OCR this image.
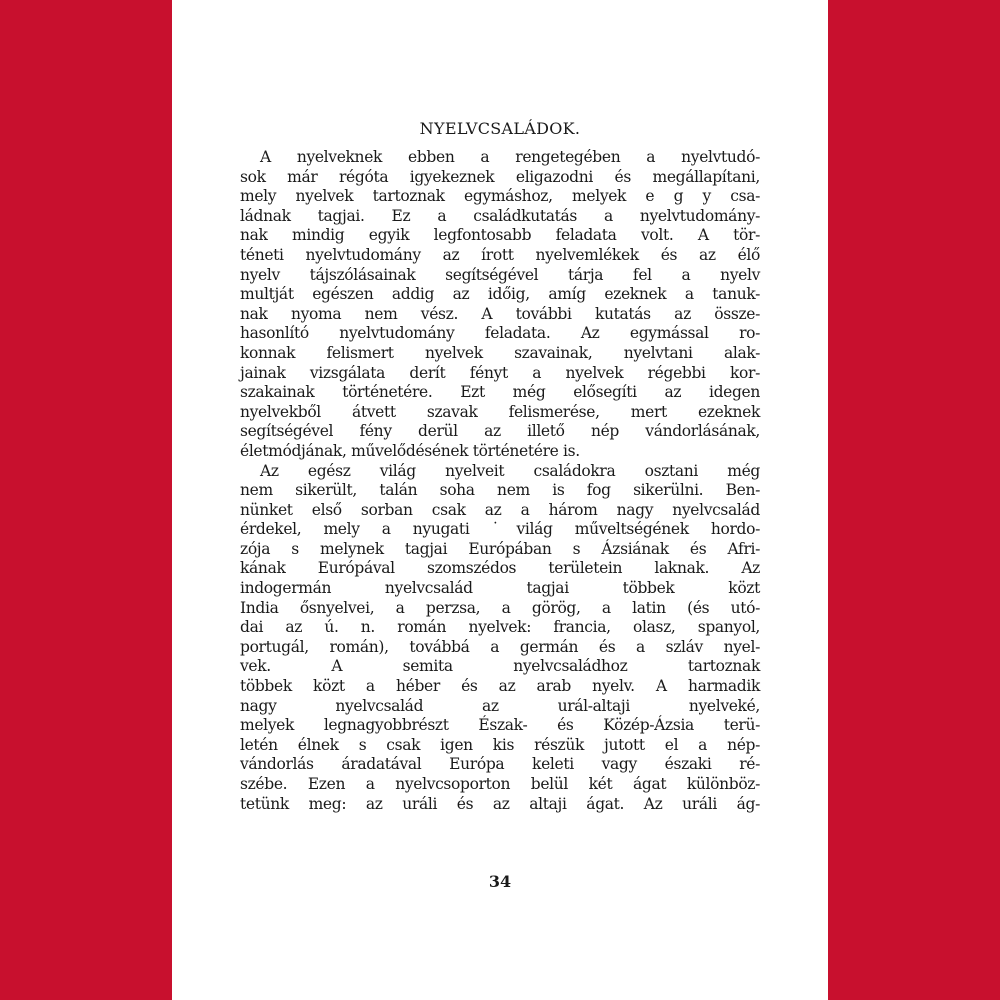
NYELVCSALÁDOK.
A nyelveknek ebben a rengetegében a nyelvtudó-
sok már régóta igyekeznek eligazodni és megállapítani,
mely nyelvek tartoznak egymáshoz, melyek e g y csa-
ládnak tagjai. Ez a családkutatás a nyelvtudomány-
nak mindig egyik legfontosabb feladata volt. A tör-
téneti nyelvtudomány az írott nyelvemlékek és az élő
nyelv tájszólásainak segítségével tárja fel a nyelv
multját egészen addig az időig, amíg ezeknek a tanuk-
nak nyoma nem vész. A további kutatás az össze-
hasonlító nyelvtudomány feladata. Az egymással ro-
konnak felismert nyelvek szavainak, nyelvtani alak-
jainak vizsgálata derít fényt a nyelvek régebbi kor-
szakainak történetére. Ezt még elősegíti az idegen
nyelvekből átvett szavak felismerése, mert ezeknek
segítségével fény derül az illető nép vándorlásának,
életmódjának, művelődésének történetére is.
Az egész világ nyelveit családokra osztani még
nem sikerült, talán soha nem is fog sikerülni. Ben-
nünket első sorban csak az a három nagy nyelvcsalád
érdekel, mely a nyugati ˙világ műveltségének hordo-
zója s melynek tagjai Európában s Ázsiának és Afri-
kának Európával szomszédos területein laknak. Az
indogermán nyelvcsalád tagjai többek közt
India ősnyelvei, a perzsa, a görög, a latin (és utó-
dai az ú. n. román nyelvek: francia, olasz, spanyol,
portugál, román), továbbá a germán és a szláv nyel-
vek. A semita nyelvcsaládhoz tartoznak
többek közt a héber és az arab nyelv. A harmadik
nagy nyelvcsalád az urál-altaji nyelveké,
melyek legnagyobbrészt Észak- és Közép-Ázsia terü-
letén élnek s csak igen kis részük jutott el a nép-
vándorlás áradatával Európa keleti vagy északi ré-
szébe. Ezen a nyelvcsoporton belül két ágat különböz-
tetünk meg: az uráli és az altaji ágat. Az uráli ág-
34
